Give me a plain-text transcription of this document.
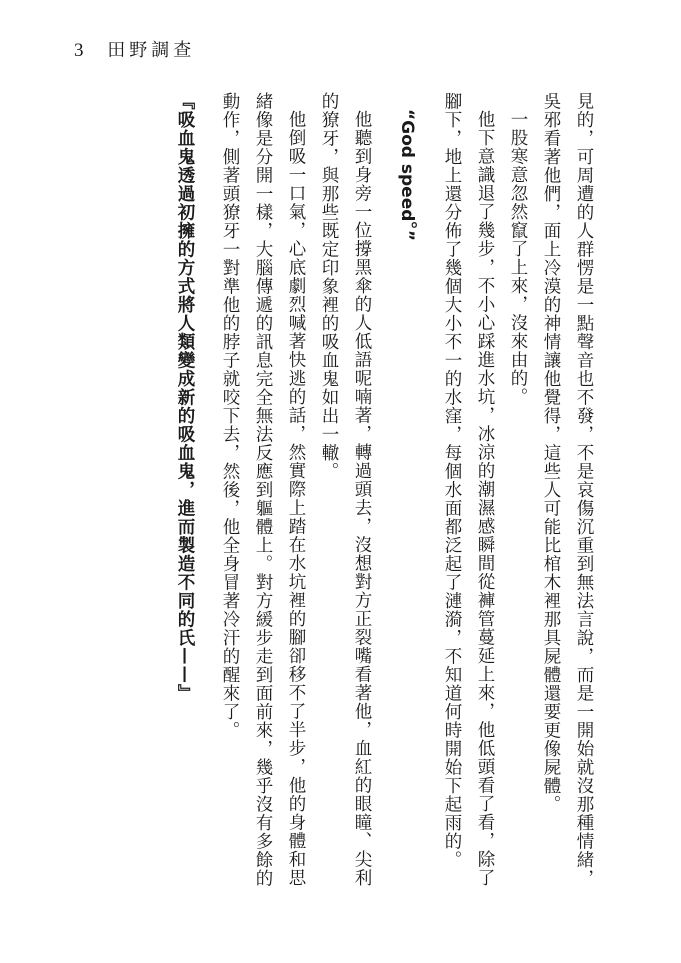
3 田野調查

見的，可周遭的人群愣是一點聲音也不發，不是哀傷沉重到無法言說，而是一開始就沒那種情緒，吳邪看著他們，面上冷漠的神情讓他覺得，這些人可能比棺木裡那具屍體還要更像屍體。

一股寒意忽然竄了上來，沒來由的。

他下意識退了幾步，不小心踩進水坑，冰涼的潮濕感瞬間從褲管蔓延上來，他低頭看了看，除了腳下，地上還分佈了幾個大小不一的水窪，每個水面都泛起了漣漪，不知道何時開始下起雨的。

“God speed。”

他聽到身旁一位撐黑傘的人低語呢喃著，轉過頭去，沒想對方正裂嘴看著他，血紅的眼瞳、尖利的獠牙，與那些既定印象裡的吸血鬼如出一轍。

他倒吸一口氣，心底劇烈喊著快逃的話，然實際上踏在水坑裡的腳卻移不了半步，他的身體和思緒像是分開一樣，大腦傳遞的訊息完全無法反應到軀體上。對方緩步走到面前來，幾乎沒有多餘的動作，側著頭獠牙一對準他的脖子就咬下去，然後，他全身冒著冷汗的醒來了。

『吸血鬼透過初擁的方式將人類變成新的吸血鬼，進而製造不同的氏——』
